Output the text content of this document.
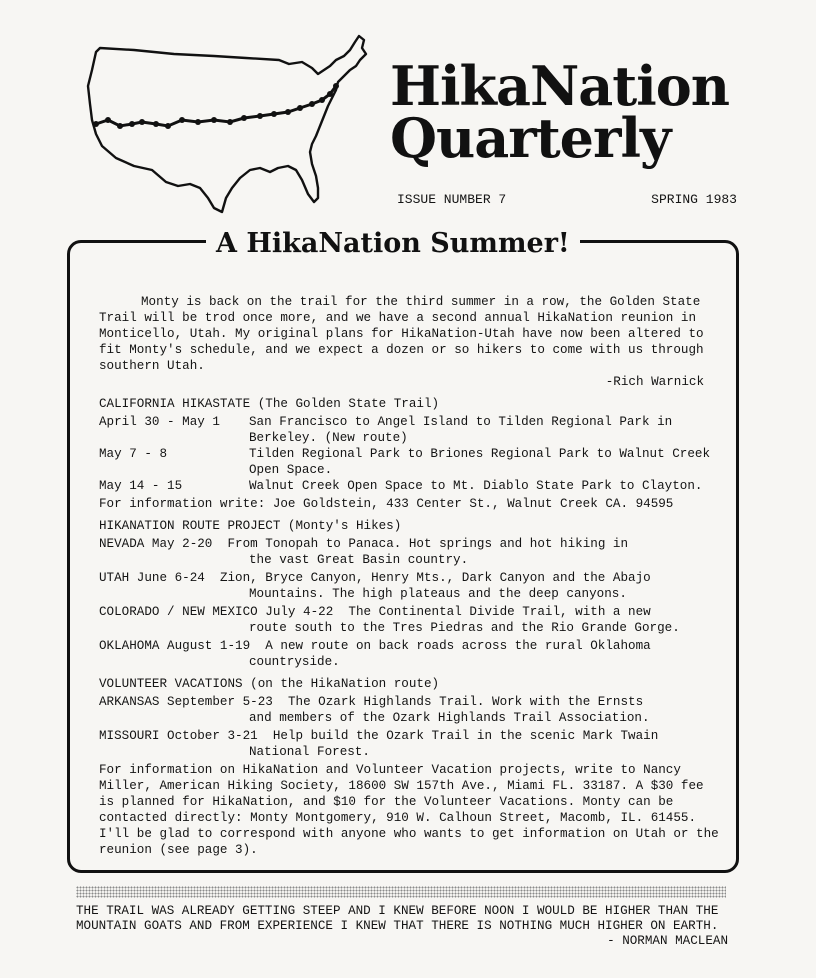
HikaNation
Quarterly
ISSUE NUMBER 7	SPRING 1983
A HikaNation Summer!

Monty is back on the trail for the third summer in a row, the Golden State Trail will be trod once more, and we have a second annual HikaNation reunion in Monticello, Utah. My original plans for HikaNation-Utah have now been altered to fit Monty's schedule, and we expect a dozen or so hikers to come with us through southern Utah.

-Rich Warnick

CALIFORNIA HIKASTATE (The Golden State Trail)
April 30 - May 1	San Francisco to Angel Island to Tilden Regional Park in Berkeley. (New route)
May 7 - 8	Tilden Regional Park to Briones Regional Park to Walnut Creek Open Space.
May 14 - 15	Walnut Creek Open Space to Mt. Diablo State Park to Clayton.
For information write: Joe Goldstein, 433 Center St., Walnut Creek CA. 94595
HIKANATION ROUTE PROJECT (Monty's Hikes)
NEVADA May 2-20 From Tonopah to Panaca. Hot springs and hot hiking in
the vast Great Basin country.
UTAH June 6-24 Zion, Bryce Canyon, Henry Mts., Dark Canyon and the Abajo
Mountains. The high plateaus and the deep canyons.
COLORADO / NEW MEXICO July 4-22 The Continental Divide Trail, with a new
route south to the Tres Piedras and the Rio Grande Gorge.
OKLAHOMA August 1-19 A new route on back roads across the rural Oklahoma
countryside.
VOLUNTEER VACATIONS (on the HikaNation route)
ARKANSAS September 5-23 The Ozark Highlands Trail. Work with the Ernsts
and members of the Ozark Highlands Trail Association.
MISSOURI October 3-21 Help build the Ozark Trail in the scenic Mark Twain
National Forest.
For information on HikaNation and Volunteer Vacation projects, write to Nancy Miller, American Hiking Society, 18600 SW 157th Ave., Miami FL. 33187. A $30 fee is planned for HikaNation, and $10 for the Volunteer Vacations. Monty can be contacted directly: Monty Montgomery, 910 W. Calhoun Street, Macomb, IL. 61455. I'll be glad to correspond with anyone who wants to get information on Utah or the reunion (see page 3).
THE TRAIL WAS ALREADY GETTING STEEP AND I KNEW BEFORE NOON I WOULD BE HIGHER THAN THE MOUNTAIN GOATS AND FROM EXPERIENCE I KNEW THAT THERE IS NOTHING MUCH HIGHER ON EARTH.
- NORMAN MACLEAN
